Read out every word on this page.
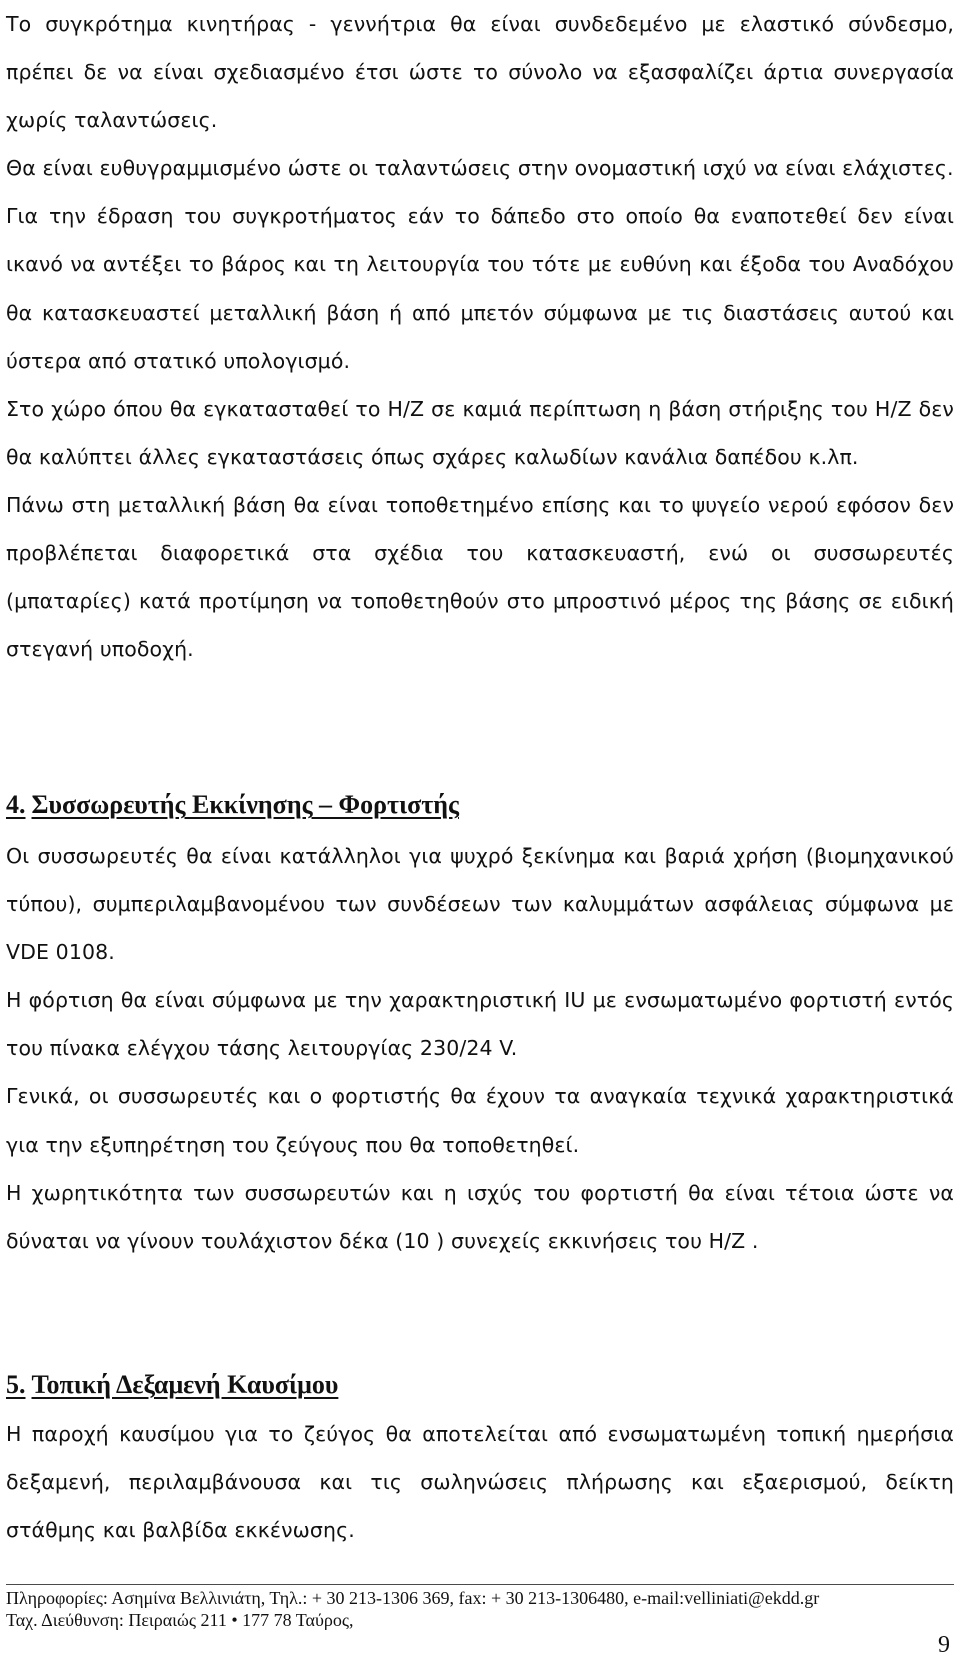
Το συγκρότημα κινητήρας - γεννήτρια θα είναι συνδεδεμένο με ελαστικό σύνδεσμο, πρέπει δε να είναι σχεδιασμένο έτσι ώστε το σύνολο να εξασφαλίζει άρτια συνεργασία χωρίς ταλαντώσεις.

Θα είναι ευθυγραμμισμένο ώστε οι ταλαντώσεις στην ονομαστική ισχύ να είναι ελάχιστες.

Για την έδραση του συγκροτήματος εάν το δάπεδο στο οποίο θα εναποτεθεί δεν είναι ικανό να αντέξει το βάρος και τη λειτουργία του τότε με ευθύνη και έξοδα του Αναδόχου θα κατασκευαστεί μεταλλική βάση ή από μπετόν σύμφωνα με τις διαστάσεις αυτού και ύστερα από στατικό υπολογισμό.

Στο χώρο όπου θα εγκατασταθεί το Η/Ζ σε καμιά περίπτωση η βάση στήριξης του Η/Ζ δεν θα καλύπτει άλλες εγκαταστάσεις όπως σχάρες καλωδίων κανάλια δαπέδου κ.λπ.

Πάνω στη μεταλλική βάση θα είναι τοποθετημένο επίσης και το ψυγείο νερού εφόσον δεν προβλέπεται διαφορετικά στα σχέδια του κατασκευαστή, ενώ οι συσσωρευτές (μπαταρίες) κατά προτίμηση να τοποθετηθούν στο μπροστινό μέρος της βάσης σε ειδική στεγανή υποδοχή.

4. Συσσωρευτής Εκκίνησης – Φορτιστής

Οι συσσωρευτές θα είναι κατάλληλοι για ψυχρό ξεκίνημα και βαριά χρήση (βιομηχανικού τύπου), συμπεριλαμβανομένου των συνδέσεων των καλυμμάτων ασφάλειας σύμφωνα με VDE 0108.

Η φόρτιση θα είναι σύμφωνα με την χαρακτηριστική IU με ενσωματωμένο φορτιστή εντός του πίνακα ελέγχου τάσης λειτουργίας 230/24 V.

Γενικά, οι συσσωρευτές και ο φορτιστής θα έχουν τα αναγκαία τεχνικά χαρακτηριστικά για την εξυπηρέτηση του ζεύγους που θα τοποθετηθεί.

Η χωρητικότητα των συσσωρευτών και η ισχύς του φορτιστή θα είναι τέτοια ώστε να δύναται να γίνουν τουλάχιστον δέκα (10 ) συνεχείς εκκινήσεις του Η/Ζ .

5. Τοπική Δεξαμενή Καυσίμου

Η παροχή καυσίμου για το ζεύγος θα αποτελείται από ενσωματωμένη τοπική ημερήσια δεξαμενή, περιλαμβάνουσα και τις σωληνώσεις πλήρωσης και εξαερισμού, δείκτη στάθμης και βαλβίδα εκκένωσης.

Πληροφορίες: Ασημίνα Βελλινιάτη, Τηλ.: + 30 213-1306 369, fax: + 30 213-1306480, e-mail:velliniati@ekdd.gr
Ταχ. Διεύθυνση: Πειραιώς 211 • 177 78 Ταύρος,
9
